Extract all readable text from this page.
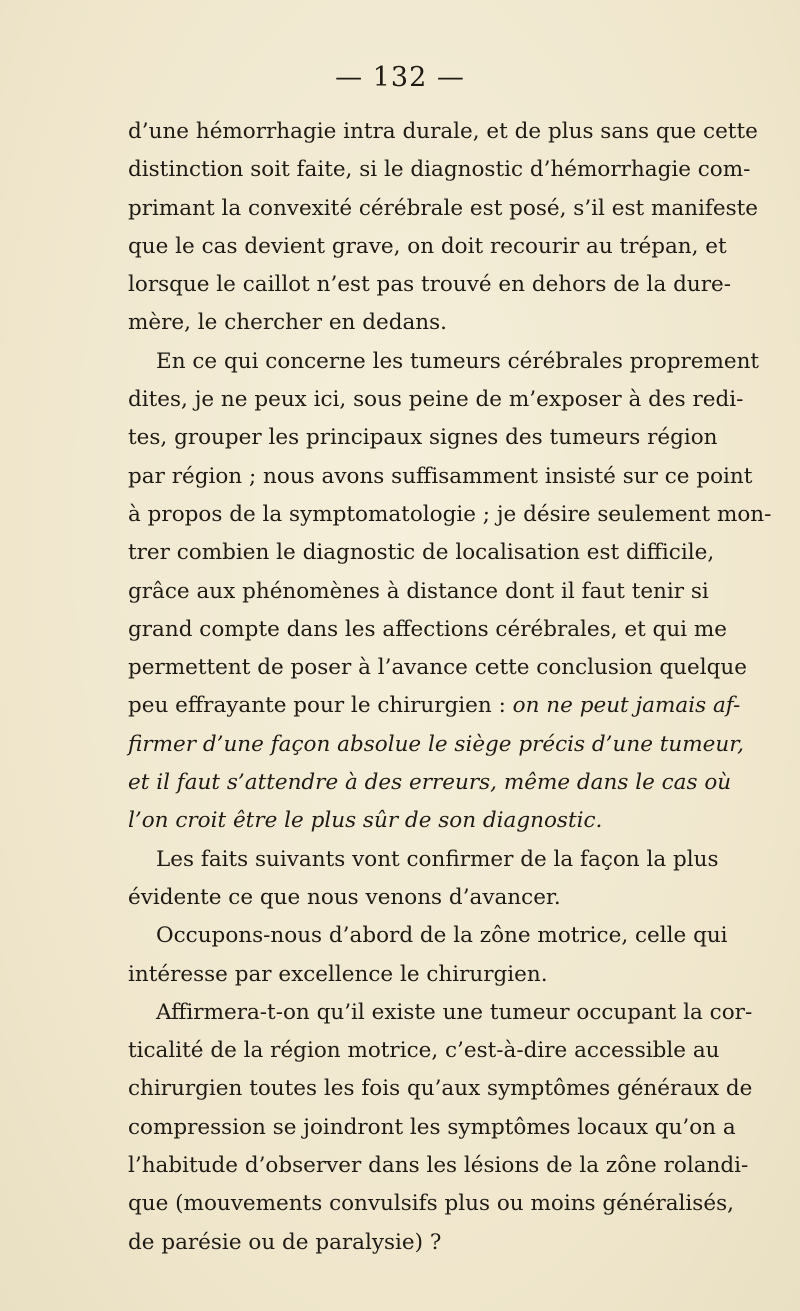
— 132 —
d’une hémorrhagie intra durale, et de plus sans que cette
distinction soit faite, si le diagnostic d’hémorrhagie com-
primant la convexité cérébrale est posé, s’il est manifeste
que le cas devient grave, on doit recourir au trépan, et
lorsque le caillot n’est pas trouvé en dehors de la dure-
mère, le chercher en dedans.
En ce qui concerne les tumeurs cérébrales proprement
dites, je ne peux ici, sous peine de m’exposer à des redi-
tes, grouper les principaux signes des tumeurs région
par région ; nous avons suffisamment insisté sur ce point
à propos de la symptomatologie ; je désire seulement mon-
trer combien le diagnostic de localisation est difficile,
grâce aux phénomènes à distance dont il faut tenir si
grand compte dans les affections cérébrales, et qui me
permettent de poser à l’avance cette conclusion quelque
peu effrayante pour le chirurgien : on ne peut jamais af-
firmer d’une façon absolue le siège précis d’une tumeur,
et il faut s’attendre à des erreurs, même dans le cas où
l’on croit être le plus sûr de son diagnostic.
Les faits suivants vont confirmer de la façon la plus
évidente ce que nous venons d’avancer.
Occupons-nous d’abord de la zône motrice, celle qui
intéresse par excellence le chirurgien.
Affirmera-t-on qu’il existe une tumeur occupant la cor-
ticalité de la région motrice, c’est-à-dire accessible au
chirurgien toutes les fois qu’aux symptômes généraux de
compression se joindront les symptômes locaux qu’on a
l’habitude d’observer dans les lésions de la zône rolandi-
que (mouvements convulsifs plus ou moins généralisés,
de parésie ou de paralysie) ?
